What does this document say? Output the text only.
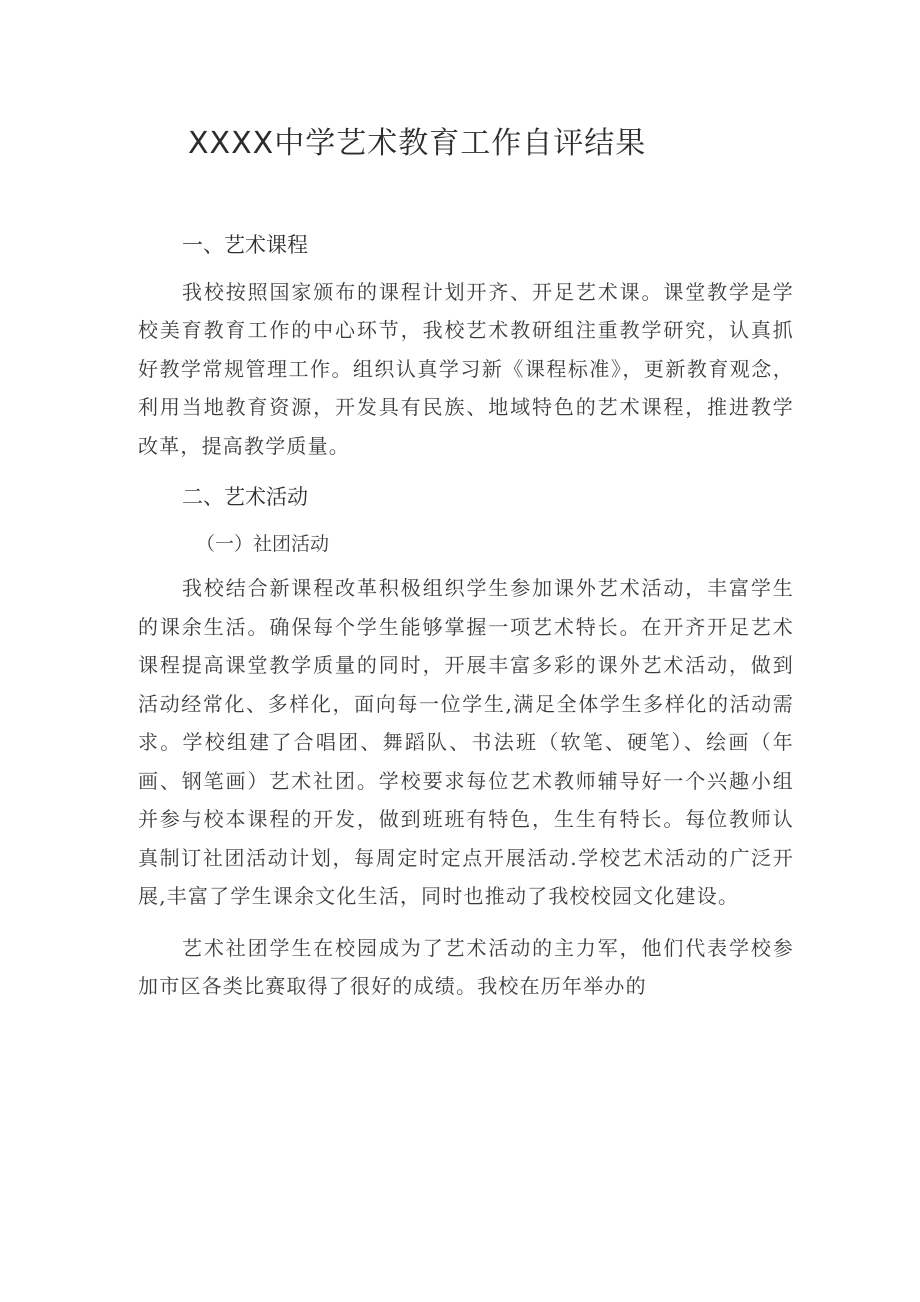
XXXX中学艺术教育工作自评结果
一、艺术课程

我校按照国家颁布的课程计划开齐、开足艺术课。课堂教学是学校美育教育工作的中心环节，我校艺术教研组注重教学研究，认真抓好教学常规管理工作。组织认真学习新《课程标准》，更新教育观念，利用当地教育资源，开发具有民族、地域特色的艺术课程，推进教学改革，提高教学质量。

二、艺术活动
（一）社团活动

我校结合新课程改革积极组织学生参加课外艺术活动，丰富学生的课余生活。确保每个学生能够掌握一项艺术特长。在开齐开足艺术课程提高课堂教学质量的同时，开展丰富多彩的课外艺术活动，做到活动经常化、多样化，面向每一位学生,满足全体学生多样化的活动需求。学校组建了合唱团、舞蹈队、书法班（软笔、硬笔）、绘画（年画、钢笔画）艺术社团。学校要求每位艺术教师辅导好一个兴趣小组并参与校本课程的开发，做到班班有特色，生生有特长。每位教师认真制订社团活动计划，每周定时定点开展活动.学校艺术活动的广泛开展,丰富了学生课余文化生活，同时也推动了我校校园文化建设。

艺术社团学生在校园成为了艺术活动的主力军，他们代表学校参加市区各类比赛取得了很好的成绩。我校在历年举办的
